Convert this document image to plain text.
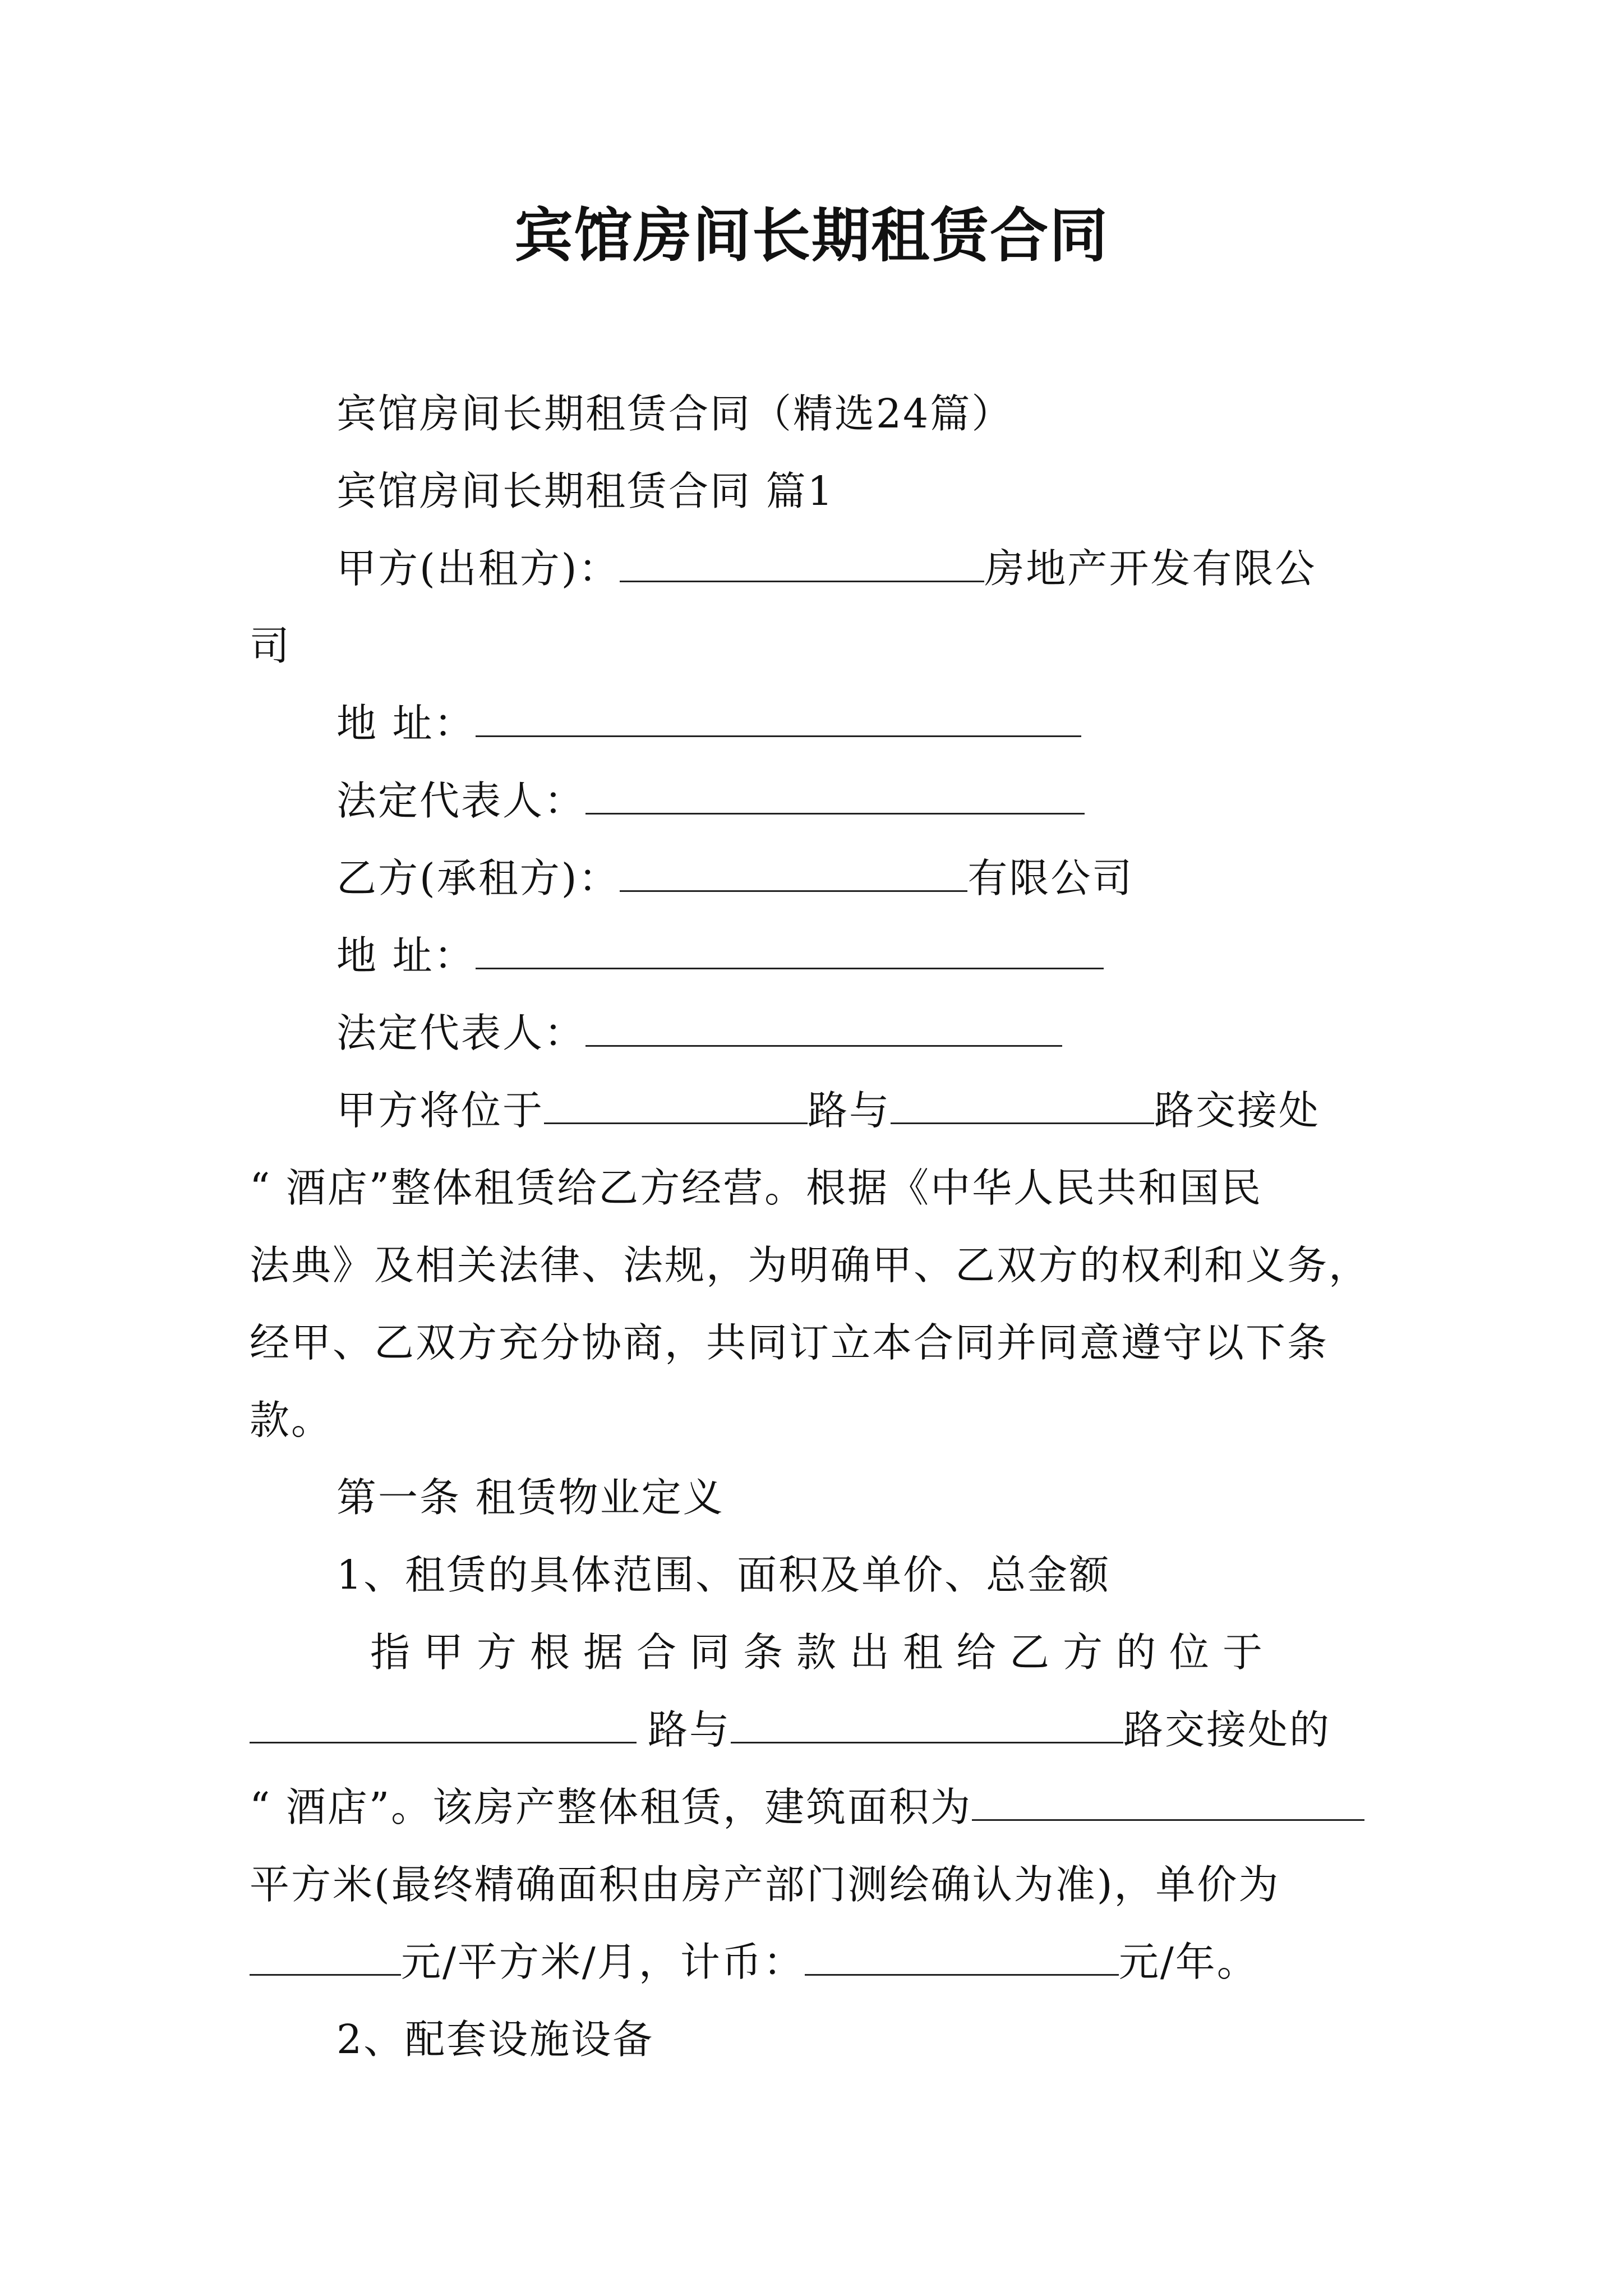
宾馆房间长期租赁合同
宾馆房间长期租赁合同（精选24篇）
宾馆房间长期租赁合同 篇1
甲方(出租方)：	房地产开发有限公
司
地 址：
法定代表人：
乙方(承租方)：	有限公司
地 址：
法定代表人：
甲方将位于	路与	路交接处
“ 酒店”整体租赁给乙方经营。根据《中华人民共和国民
法典》及相关法律、法规，为明确甲、乙双方的权利和义务，
经甲、乙双方充分协商，共同订立本合同并同意遵守以下条
款。
第一条 租赁物业定义
1、租赁的具体范围、面积及单价、总金额
指甲方根据合同条款出租给乙方的位于
路与	路交接处的
“ 酒店”。该房产整体租赁，建筑面积为
平方米(最终精确面积由房产部门测绘确认为准)，单价为
元/平方米/月，计币：	元/年。
2、配套设施设备
